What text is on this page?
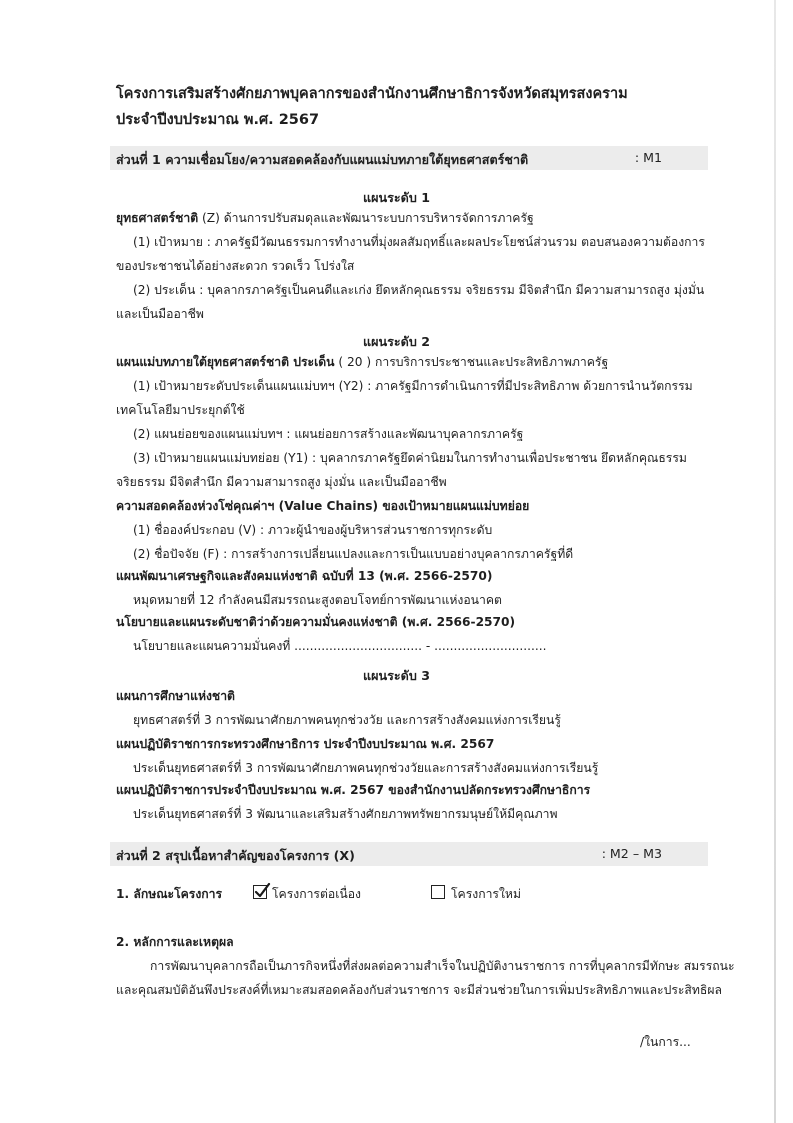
โครงการเสริมสร้างศักยภาพบุคลากรของสำนักงานศึกษาธิการจังหวัดสมุทรสงคราม
ประจำปีงบประมาณ พ.ศ. 2567
ส่วนที่ 1 ความเชื่อมโยง/ความสอดคล้องกับแผนแม่บทภายใต้ยุทธศาสตร์ชาติ	: M1
แผนระดับ 1
ยุทธศาสตร์ชาติ (Z) ด้านการปรับสมดุลและพัฒนาระบบการบริหารจัดการภาครัฐ
(1) เป้าหมาย : ภาครัฐมีวัฒนธรรมการทำงานที่มุ่งผลสัมฤทธิ์และผลประโยชน์ส่วนรวม ตอบสนองความต้องการ
ของประชาชนได้อย่างสะดวก รวดเร็ว โปร่งใส
(2) ประเด็น : บุคลากรภาครัฐเป็นคนดีและเก่ง ยึดหลักคุณธรรม จริยธรรม มีจิตสำนึก มีความสามารถสูง มุ่งมั่น
และเป็นมืออาชีพ
แผนระดับ 2
แผนแม่บทภายใต้ยุทธศาสตร์ชาติ ประเด็น ( 20 ) การบริการประชาชนและประสิทธิภาพภาครัฐ
(1) เป้าหมายระดับประเด็นแผนแม่บทฯ (Y2) : ภาครัฐมีการดำเนินการที่มีประสิทธิภาพ ด้วยการนำนวัตกรรม
เทคโนโลยีมาประยุกต์ใช้
(2) แผนย่อยของแผนแม่บทฯ : แผนย่อยการสร้างและพัฒนาบุคลากรภาครัฐ
(3) เป้าหมายแผนแม่บทย่อย (Y1) : บุคลากรภาครัฐยึดค่านิยมในการทำงานเพื่อประชาชน ยึดหลักคุณธรรม
จริยธรรม มีจิตสำนึก มีความสามารถสูง มุ่งมั่น และเป็นมืออาชีพ
ความสอดคล้องห่วงโซ่คุณค่าฯ (Value Chains) ของเป้าหมายแผนแม่บทย่อย
(1) ชื่อองค์ประกอบ (V) : ภาวะผู้นำของผู้บริหารส่วนราชการทุกระดับ
(2) ชื่อปัจจัย (F) : การสร้างการเปลี่ยนแปลงและการเป็นแบบอย่างบุคลากรภาครัฐที่ดี
แผนพัฒนาเศรษฐกิจและสังคมแห่งชาติ ฉบับที่ 13 (พ.ศ. 2566-2570)
หมุดหมายที่ 12 กำลังคนมีสมรรถนะสูงตอบโจทย์การพัฒนาแห่งอนาคต
นโยบายและแผนระดับชาติว่าด้วยความมั่นคงแห่งชาติ (พ.ศ. 2566-2570)
นโยบายและแผนความมั่นคงที่ ................................. - .............................
แผนระดับ 3
แผนการศึกษาแห่งชาติ
ยุทธศาสตร์ที่ 3 การพัฒนาศักยภาพคนทุกช่วงวัย และการสร้างสังคมแห่งการเรียนรู้
แผนปฏิบัติราชการกระทรวงศึกษาธิการ ประจำปีงบประมาณ พ.ศ. 2567
ประเด็นยุทธศาสตร์ที่ 3 การพัฒนาศักยภาพคนทุกช่วงวัยและการสร้างสังคมแห่งการเรียนรู้
แผนปฏิบัติราชการประจำปีงบประมาณ พ.ศ. 2567 ของสำนักงานปลัดกระทรวงศึกษาธิการ
ประเด็นยุทธศาสตร์ที่ 3 พัฒนาและเสริมสร้างศักยภาพทรัพยากรมนุษย์ให้มีคุณภาพ
ส่วนที่ 2 สรุปเนื้อหาสำคัญของโครงการ (X)	: M2 – M3
1. ลักษณะโครงการ	โครงการต่อเนื่อง	โครงการใหม่
2. หลักการและเหตุผล
การพัฒนาบุคลากรถือเป็นภารกิจหนึ่งที่ส่งผลต่อความสำเร็จในปฏิบัติงานราชการ การที่บุคลากรมีทักษะ สมรรถนะ
และคุณสมบัติอันพึงประสงค์ที่เหมาะสมสอดคล้องกับส่วนราชการ จะมีส่วนช่วยในการเพิ่มประสิทธิภาพและประสิทธิผล
/ในการ...
